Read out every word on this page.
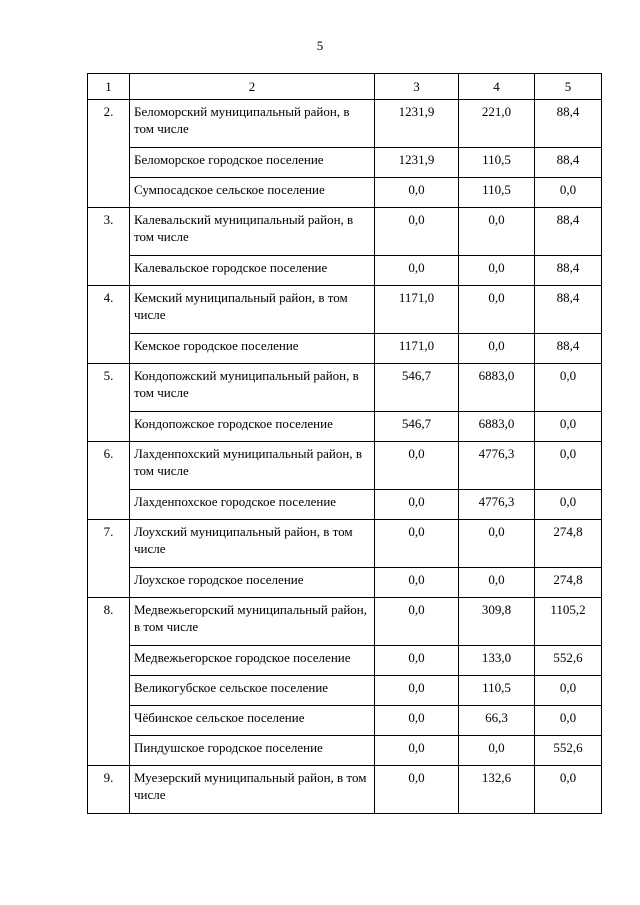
5
1	2	3	4	5
2.	Беломорский муниципальный район, в том числе	1231,9	221,0	88,4
	Беломорское городское поселение	1231,9	110,5	88,4
	Сумпосадское сельское поселение	0,0	110,5	0,0
3.	Калевальский муниципальный район, в том числе	0,0	0,0	88,4
	Калевальское городское поселение	0,0	0,0	88,4
4.	Кемский муниципальный район, в том числе	1171,0	0,0	88,4
	Кемское городское поселение	1171,0	0,0	88,4
5.	Кондопожский муниципальный район, в том числе	546,7	6883,0	0,0
	Кондопожское городское поселение	546,7	6883,0	0,0
6.	Лахденпохский муниципальный район, в том числе	0,0	4776,3	0,0
	Лахденпохское городское поселение	0,0	4776,3	0,0
7.	Лоухский муниципальный район, в том числе	0,0	0,0	274,8
	Лоухское городское поселение	0,0	0,0	274,8
8.	Медвежьегорский муниципальный район, в том числе	0,0	309,8	1105,2
	Медвежьегорское городское поселение	0,0	133,0	552,6
	Великогубское сельское поселение	0,0	110,5	0,0
	Чёбинское сельское поселение	0,0	66,3	0,0
	Пиндушское городское поселение	0,0	0,0	552,6
9.	Муезерский муниципальный район, в том числе	0,0	132,6	0,0
